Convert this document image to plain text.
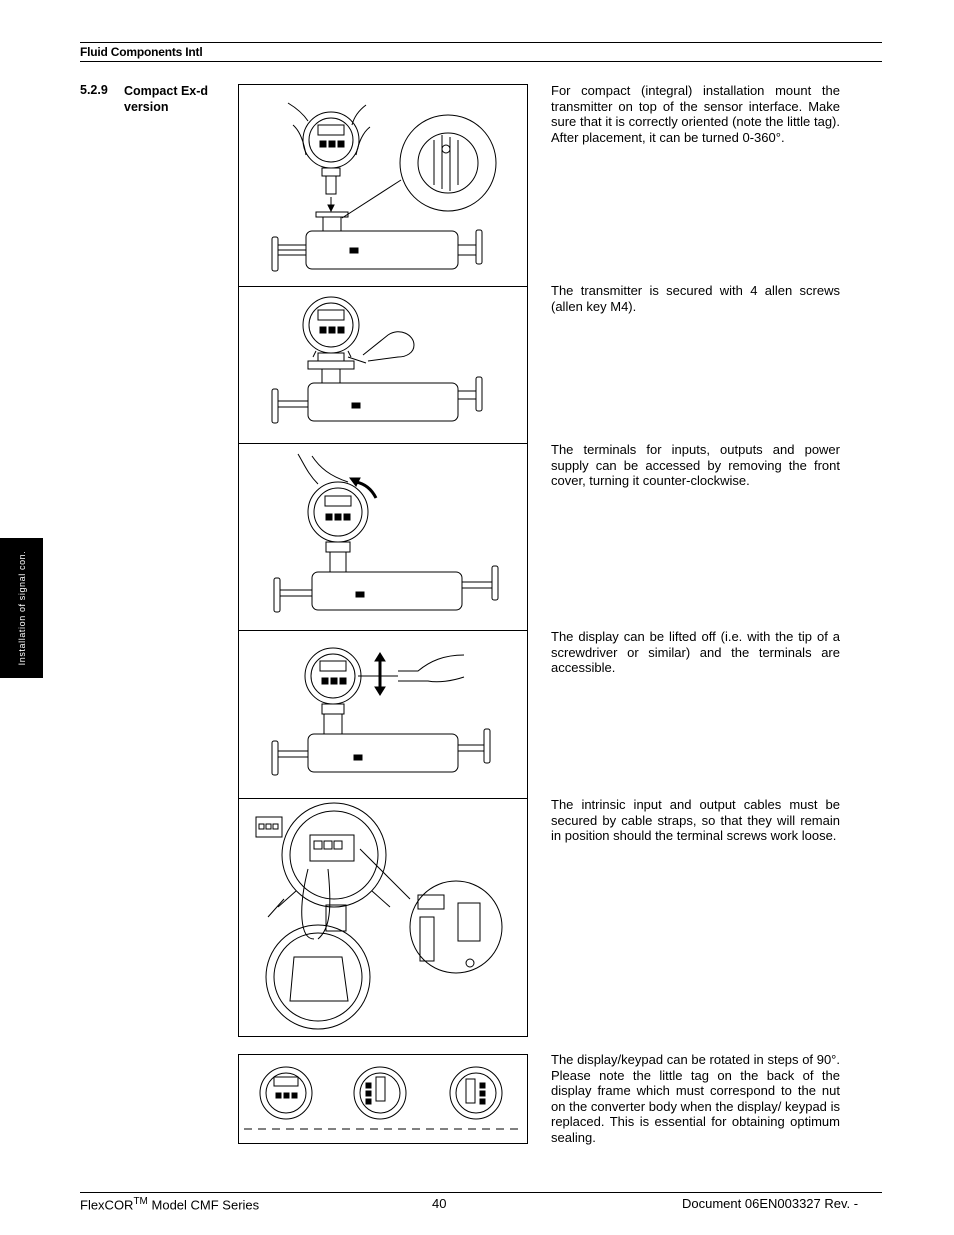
Fluid Components Intl
5.2.9 Compact Ex-d version
Installation of signal con.
For compact (integral) installation mount the transmitter on top of the sensor interface. Make sure that it is correctly oriented (note the little tag). After placement, it can be turned 0-360°.
The transmitter is secured with 4 allen screws (allen key M4).
The terminals for inputs, outputs and power supply can be accessed by removing the front cover, turning it counter-clockwise.
The display can be lifted off (i.e. with the tip of a screwdriver or similar) and the terminals are accessible.
The intrinsic input and output cables must be secured by cable straps, so that they will remain in position should the terminal screws work loose.
The display/keypad can be rotated in steps of 90°. Please note the little tag on the back of the display frame which must correspond to the nut on the converter body when the display/ keypad is replaced. This is essential for obtaining optimum sealing.
FlexCOR™ Model CMF Series	40	Document 06EN003327 Rev. -
